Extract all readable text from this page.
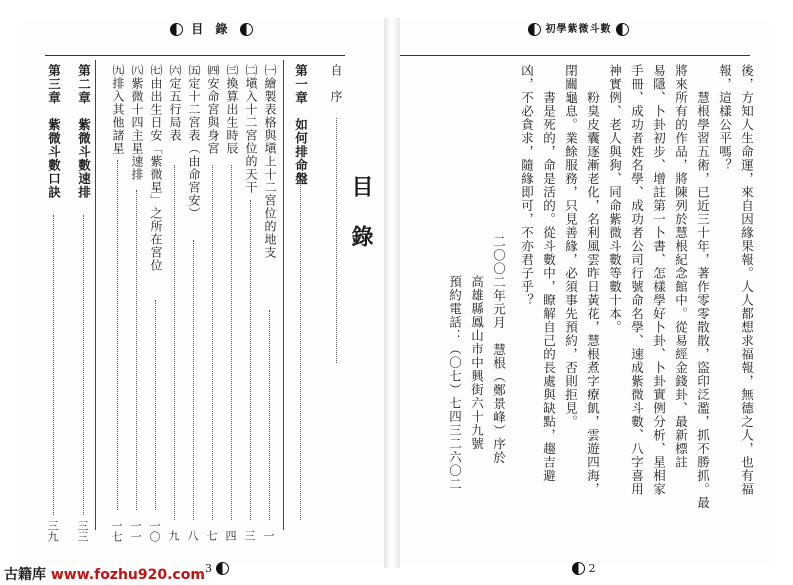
目 錄	初學紫微斗數
目錄
自　序
第一章　如何排命盤
㈠繪製表格與塡上十二宮位的地支
一
㈡塡入十二宮位的天干
三
㈢換算出生時辰
四
㈣安命宮與身宮
七
㈤定十二宮表（由命宮安）
八
㈥定五行局表
九
㈦由出生日安「紫微星」之所在宮位
一〇
㈧紫微十四主星速排
一一
㈨排入其他諸星
一七
第二章　紫微斗數速排
三三
第三章　紫微斗數口訣
三九
3
後，方知人生命運，來自因緣果報。人人都想求福報，無德之人，也有福
報，這樣公平嗎？
　　慧根學習五術，已近三十年，著作零零散散，盜印泛濫，抓不勝抓。最
將來所有的作品，將陳列於慧根紀念館中。從易經金錢卦、最新標註
易隱、卜卦初步、增註第一卜書、怎樣學好卜卦、卜卦實例分析、星相家
手冊、成功者姓名學、成功者公司行號命名學、速成紫微斗數、八字喜用
神實例、老人與狗、同命紫微斗數等數十本。
　　粉臭皮囊逐漸老化，名利風雲昨日黃花，慧根煮字療飢，雲遊四海，
閉關龜息。業餘服務，只見善緣，必須事先預約，否則拒見。
　　書是死的，命是活的。從斗數中，瞭解自己的長處與缺點，趨吉避
凶，不必貪求，隨緣即可，不亦君子乎？
二〇〇二年元月　慧根（鄭景峰）序於
高雄縣鳳山市中興街六十九號
預約電話：（〇七）七四三二六〇二
2
古籍库 www.fozhu920.com
